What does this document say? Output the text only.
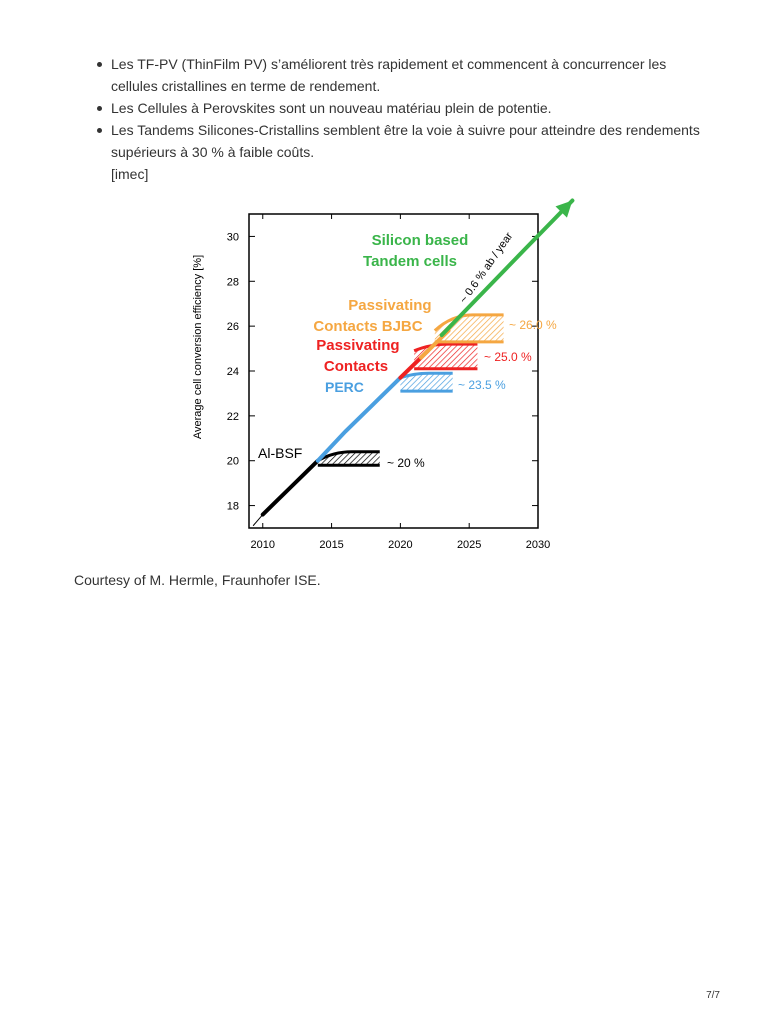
Les TF-PV (ThinFilm PV) s’améliorent très rapidement et commencent à concurrencer les cellules cristallines en terme de rendement.
Les Cellules à Perovskites sont un nouveau matériau plein de potentie.
Les Tandems Silicones-Cristallins semblent être la voie à suivre pour atteindre des rendements supérieurs à 30 % à faible coûts.
[imec]
2010	2015	2020	2025	2030
18
20
22
24
26
28
30
Average cell conversion efficiency [%]
Al-BSF
PERC
Passivating Contacts
Passivating Contacts BJBC
Silicon based Tandem cells ~ 0.6 % ab / year
~ 20 %
~ 23.5 %
~ 25.0 %
~ 26.0 %
Courtesy of M. Hermle, Fraunhofer ISE.
7/7
